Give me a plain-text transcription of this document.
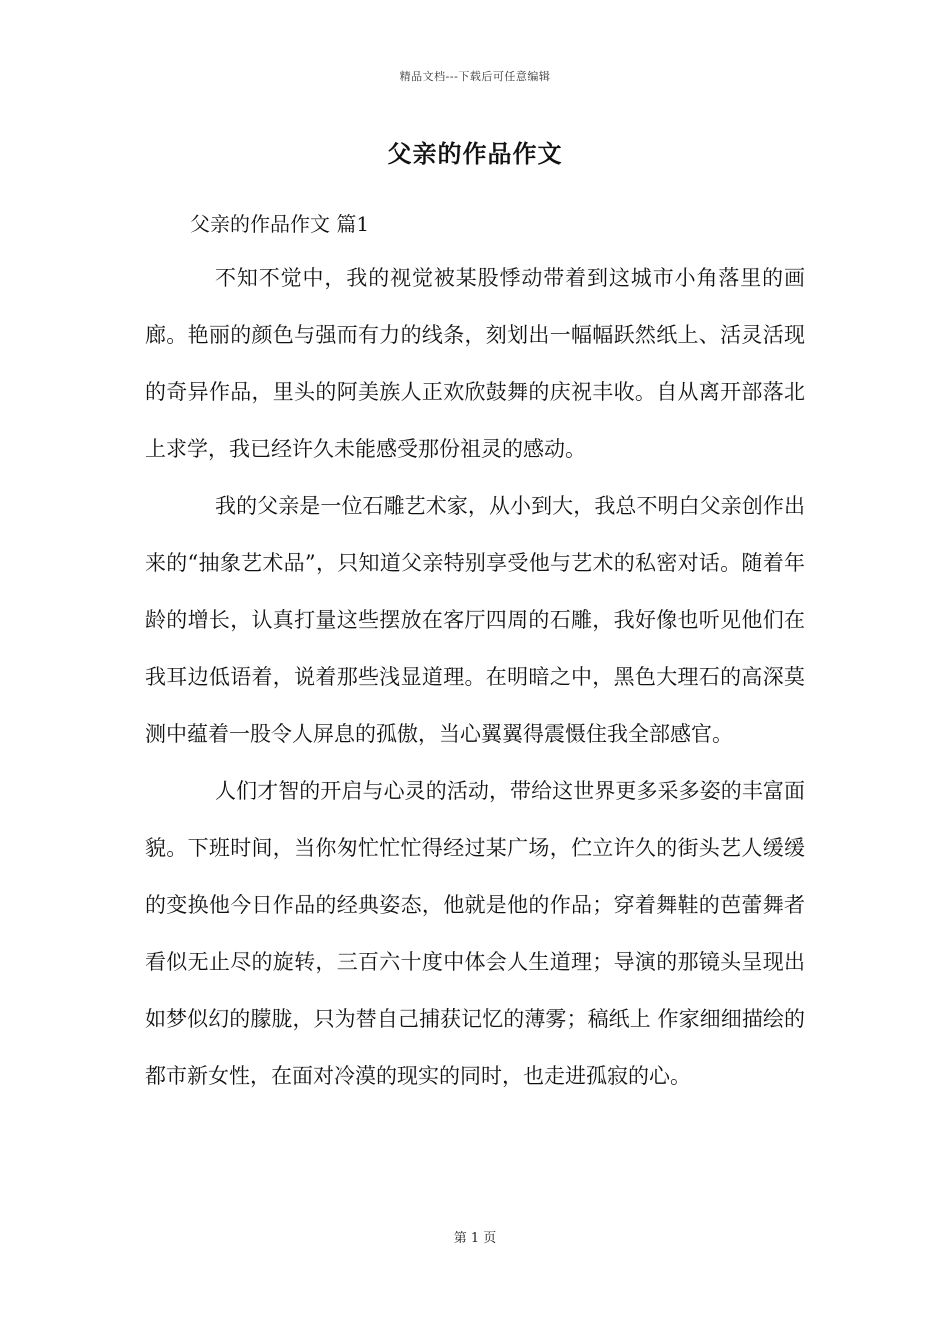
精品文档---下载后可任意编辑
父亲的作品作文
父亲的作品作文 篇1

不知不觉中，我的视觉被某股悸动带着到这城市小角落里的画廊。艳丽的颜色与强而有力的线条，刻划出一幅幅跃然纸上、活灵活现的奇异作品，里头的阿美族人正欢欣鼓舞的庆祝丰收。自从离开部落北上求学，我已经许久未能感受那份祖灵的感动。

我的父亲是一位石雕艺术家，从小到大，我总不明白父亲创作出来的“抽象艺术品”，只知道父亲特别享受他与艺术的私密对话。随着年龄的增长，认真打量这些摆放在客厅四周的石雕，我好像也听见他们在我耳边低语着，说着那些浅显道理。在明暗之中，黑色大理石的高深莫测中蕴着一股令人屏息的孤傲，当心翼翼得震慑住我全部感官。

人们才智的开启与心灵的活动，带给这世界更多采多姿的丰富面貌。下班时间，当你匆忙忙忙得经过某广场，伫立许久的街头艺人缓缓的变换他今日作品的经典姿态，他就是他的作品；穿着舞鞋的芭蕾舞者看似无止尽的旋转，三百六十度中体会人生道理；导演的那镜头呈现出如梦似幻的朦胧，只为替自己捕获记忆的薄雾；稿纸上 作家细细描绘的都市新女性，在面对冷漠的现实的同时，也走进孤寂的心。

第 1 页
